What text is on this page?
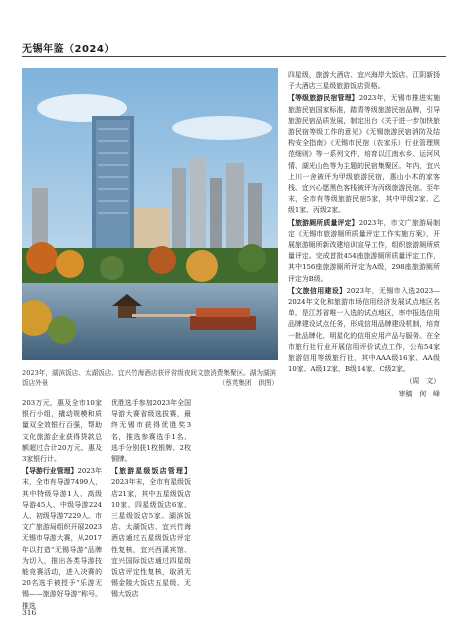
无锡年鉴（2024）
2023年，湖滨饭店、太湖饭店、宜兴竹海酒店获评省级夜间文旅消费集聚区。湖为湖滨饭店外景	（蔡英集团　供图）

203万元，惠及全市10家银行小组，撬动规模和质量双全效银行百强，帮助文化旅游企业获得贷款总额超过合计20万元、惠及3家银行计。

【导游行业管理】2023年末，全市有导游7499人，其中特级导游1人、高级导游45人、中级导游224人、初级导游7229人。市文广旅游局组织开展2023无锡市导游大赛，从2017年以打造“无锡导游”品牌为切入，推出各类导游技能竞赛活动，进入决赛的20名选手被授予“乐游无锡——旅游好导游”称号。推选

优胜选手参加2023年全国导游大赛省级选拔赛，最终无锡市获得优胜奖3名，推选参赛选手1名、选手分别获1枚银牌、2枚铜牌。

【旅游星级饭店管理】2023年末，全市有星级饭店21家，其中五星级饭店10家、四星级饭店6家、三星级饭店5家。湖滨饭店、太湖饭店、宜兴竹海酒店通过五星级饭店评定性复核，宜兴西溪宾馆、宜兴国际饭店通过四星级饭店评定性复核，取消无锡金陵大饭店五星级、无锡大饭店

四星级，旅游大酒店、宜兴海岸大饭店、江阴新扬子大酒店三星级旅游饭店资格。

【等级旅游民宿管理】2023年，无锡市推进实施旅游民宿国家标准，踏青等级旅游民宿品牌，引导旅游民宿品质发展，制定出台《关于进一步加快旅游民宿等级工作的意见》《无锡旅游民宿消防及结构安全指南》《无锡市民宿（农家乐）行业管理规范细则》等一系列文件，培育以江南水乡、运河风情、湖光山色等为主题的民宿集聚区。年内，宜兴上川一舍被评为甲级旅游民宿，惠山小木的家客栈、宜兴心愿黑色客栈被评为丙级旅游民宿。至年末，全市有等级旅游民宿5家，其中甲级2家、乙级1家、丙级2家。

【旅游厕所质量评定】2023年，市文广旅游局制定《无锡市旅游厕所质量评定工作实施方案》，开展旅游厕所新改建培训宣导工作，组织旅游厕所质量评定。完成首批454座旅游厕所质量评定工作，其中156座旅游厕所评定为A级，298座旅游厕所评定为B级。

【文旅信用建设】2023年，无锡市入选2023—2024年文化和旅游市场信用经济发展试点地区名单，是江苏省唯一入选的试点地区，率申报选信用品牌建设试点任务，形成信用品牌建设机制，培育一批品牌化、明星化的信用应用产品与服务。在全市旅行社行业开展信用评价试点工作，公布54家旅游信用等级旅行社，其中AAA级16家、AA级10家、A级12家、B级14家、C级2家。

（周　文）

审稿　何　峰

316
